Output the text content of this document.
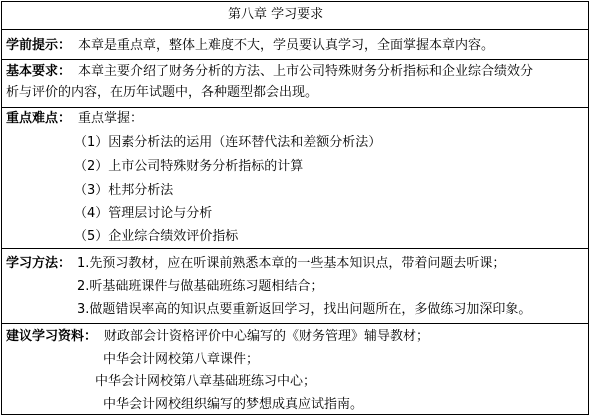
第八章 学习要求
学前提示： 本章是重点章，整体上难度不大，学员要认真学习，全面掌握本章内容。
基本要求： 本章主要介绍了财务分析的方法、上市公司特殊财务分析指标和企业综合绩效分
析与评价的内容，在历年试题中，各种题型都会出现。
重点难点： 重点掌握：
（1）因素分析法的运用（连环替代法和差额分析法）
（2）上市公司特殊财务分析指标的计算
（3）杜邦分析法
（4）管理层讨论与分析
（5）企业综合绩效评价指标
学习方法： 1.先预习教材，应在听课前熟悉本章的一些基本知识点，带着问题去听课；
2.听基础班课件与做基础班练习题相结合；
3.做题错误率高的知识点要重新返回学习，找出问题所在，多做练习加深印象。
建议学习资料： 财政部会计资格评价中心编写的《财务管理》辅导教材；
中华会计网校第八章课件；
中华会计网校第八章基础班练习中心；
中华会计网校组织编写的梦想成真应试指南。
